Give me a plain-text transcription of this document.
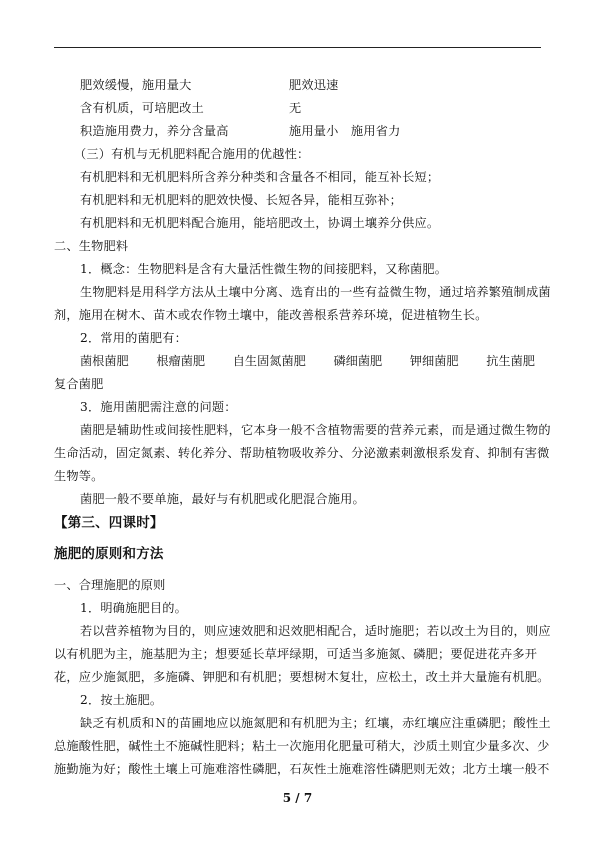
肥效缓慢，施用量大	肥效迅速
含有机质，可培肥改土	无
积造施用费力，养分含量高	施用量小　施用省力
（三）有机与无机肥料配合施用的优越性：
有机肥料和无机肥料所含养分种类和含量各不相同，能互补长短；
有机肥料和无机肥料的肥效快慢、长短各异，能相互弥补；
有机肥料和无机肥料配合施用，能培肥改土，协调土壤养分供应。
二、生物肥料
1．概念：生物肥料是含有大量活性微生物的间接肥料，又称菌肥。
生物肥料是用科学方法从土壤中分离、选育出的一些有益微生物，通过培养繁殖制成菌
剂，施用在树木、苗木或农作物土壤中，能改善根系营养环境，促进植物生长。
2．常用的菌肥有：
菌根菌肥 根瘤菌肥 自生固氮菌肥 磷细菌肥 钾细菌肥 抗生菌肥
复合菌肥
3．施用菌肥需注意的问题：
菌肥是辅助性或间接性肥料，它本身一般不含植物需要的营养元素，而是通过微生物的
生命活动，固定氮素、转化养分、帮助植物吸收养分、分泌激素刺激根系发育、抑制有害微
生物等。
菌肥一般不要单施，最好与有机肥或化肥混合施用。
【第三、四课时】
施肥的原则和方法
一、合理施肥的原则
1．明确施肥目的。
若以营养植物为目的，则应速效肥和迟效肥相配合，适时施肥；若以改土为目的，则应
以有机肥为主，施基肥为主；想要延长草坪绿期，可适当多施氮、磷肥；要促进花卉多开
花，应少施氮肥，多施磷、钾肥和有机肥；要想树木复壮，应松土，改土并大量施有机肥。
2．按土施肥。
缺乏有机质和Ｎ的苗圃地应以施氮肥和有机肥为主；红壤，赤红壤应注重磷肥；酸性土
总施酸性肥，碱性土不施碱性肥料；粘土一次施用化肥量可稍大，沙质土则宜少量多次、少
施勤施为好；酸性土壤上可施难溶性磷肥，石灰性土施难溶性磷肥则无效；北方土壤一般不
5 / 7
